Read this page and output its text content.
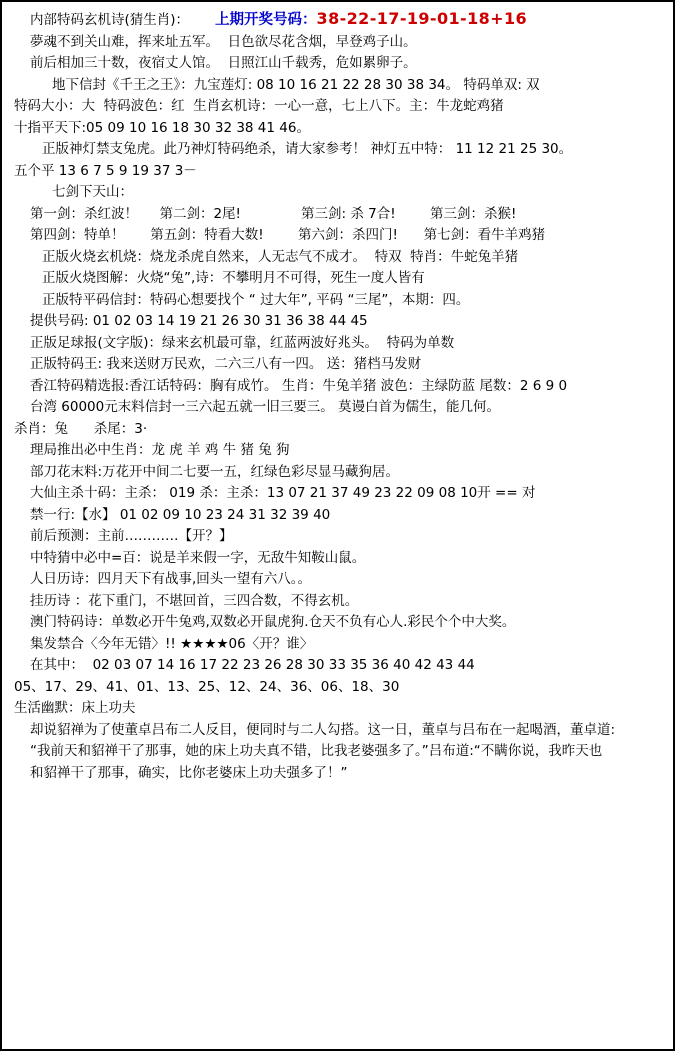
内部特码玄机诗(猜生肖)： 上期开奖号码：38-22-17-19-01-18+16
夢魂不到关山难，挥来址五军。  日色欲尽花含烟，早登鸡子山。
前后相加三十数，夜宿丈人馆。  日照江山千载秀，危如累卵子。
地下信封《千王之王》：九宝莲灯: 08 10 16 21 22 28 30 38 34。 特码单双: 双
特码大小：大  特码波色：红  生肖玄机诗：一心一意，七上八下。主：牛龙蛇鸡猪
十指平天下:05 09 10 16 18 30 32 38 41 46。
正版神灯禁支兔虎。此乃神灯特码绝杀，请大家参考！ 神灯五中特： 11 12 21 25 30。
五个平 13 6 7 5 9 19 37 3－
七剑下天山：
第一剑：杀红波！     第二剑：2尾!              第三剑: 杀 7合!        第三剑：杀猴!
第四剑：特单！      第五剑：特看大数!        第六剑：杀四门!      第七剑：看牛羊鸡猪
正版火烧玄机烧：烧龙杀虎自然来，人无志气不成才。  特双  特肖：牛蛇兔羊猪
正版火烧图解：火烧“兔”,诗：不攀明月不可得，死生一度人皆有
正版特平码信封：特码心想要找个 “ 过大年”, 平码 “三尾”，本期：四。
提供号码: 01 02 03 14 19 21 26 30 31 36 38 44 45
正版足球报(文字版)：绿来玄机最可靠，红蓝两波好兆头。  特码为单数
正版特码王: 我来送财万民欢，二六三八有一四。 送：猪档马发财
香江特码精选报:香江话特码：胸有成竹。 生肖：牛兔羊猪 波色：主绿防蓝 尾数：2 6 9 0
台湾 60000元末料信封一三六起五就一旧三要三。 莫谩白首为儒生，能几何。
杀肖：兔      杀尾：3·
理局推出必中生肖：龙 虎 羊 鸡 牛 猪 兔 狗
部刀花末料:万花开中间二七要一五，红绿色彩尽显马藏狗居。
大仙主杀十码：主杀： 019 杀：主杀：13 07 21 37 49 23 22 09 08 10开 == 对
禁一行:【水】 01 02 09 10 23 24 31 32 39 40
前后预测：主前…………【开？】
中特猜中必中=百：说是羊来假一字，无敌牛知鞍山鼠。
人日历诗：四月天下有战事,回头一望有六八。。
挂历诗 ：花下重门，不堪回首，三四合数，不得玄机。
澳门特码诗：单数必开牛兔鸡,双数必开鼠虎狗.仓天不负有心人.彩民个个中大奖。
集发禁合〈今年无错〉!! ★★★★06〈开？谁〉
在其中：  02 03 07 14 16 17 22 23 26 28 30 33 35 36 40 42 43 44
05、17、29、41、01、13、25、12、24、36、06、18、30
生活幽默：床上功夫
却说貂禅为了使董卓吕布二人反目，便同时与二人勾搭。这一日，董卓与吕布在一起喝酒，董卓道:
“我前天和貂禅干了那事，她的床上功夫真不错，比我老婆强多了。”吕布道:“不瞒你说，我昨天也
和貂禅干了那事，确实，比你老婆床上功夫强多了！”
